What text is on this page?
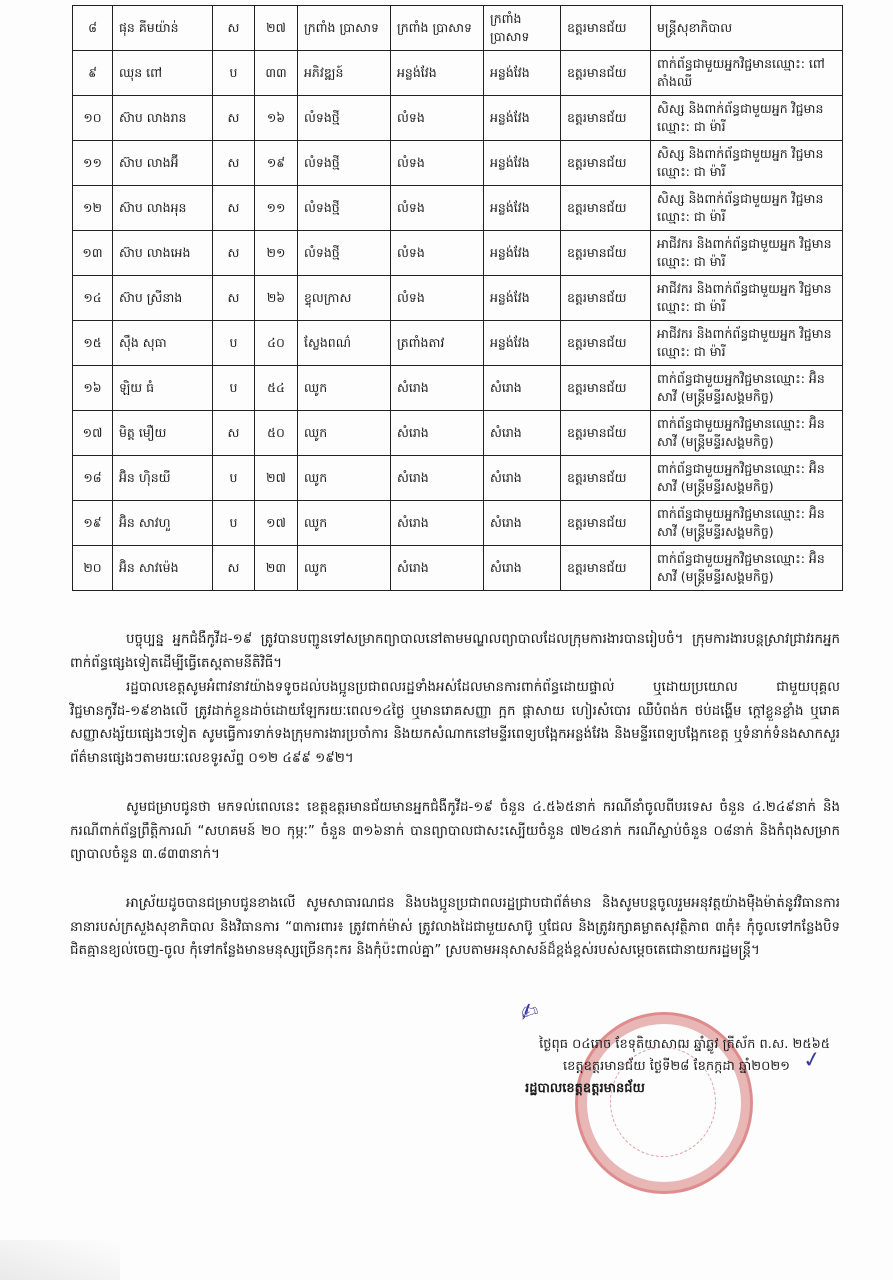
៨	ផុន គីមយ៉ាន់	ស	២៧	ក្រពាំង ប្រាសាទ	ក្រពាំង ប្រាសាទ	ក្រពាំង ប្រាសាទ	ឧត្តរមានជ័យ	មន្ត្រីសុខាភិបាល
៩	ឈុន ពៅ	ប	៣៣	អភិវឌ្ឍន៍	អន្លង់វែង	អន្លង់វែង	ឧត្តរមានជ័យ	ពាក់ព័ន្ធជាមួយអ្នកវិជ្ជមានឈ្មោះ: ពៅ តាំងឈី
១០	ស៊ាប លាងរាន	ស	១៦	លំទងថ្មី	លំទង	អន្លង់វែង	ឧត្តរមានជ័យ	សិស្ស និងពាក់ព័ន្ធជាមួយអ្នក វិជ្ជមានឈ្មោះ: ជា ម៉ារី
១១	ស៊ាប លាងអ៊ី	ស	១៩	លំទងថ្មី	លំទង	អន្លង់វែង	ឧត្តរមានជ័យ	សិស្ស និងពាក់ព័ន្ធជាមួយអ្នក វិជ្ជមានឈ្មោះ: ជា ម៉ារី
១២	ស៊ាប លាងអុន	ស	១១	លំទងថ្មី	លំទង	អន្លង់វែង	ឧត្តរមានជ័យ	សិស្ស និងពាក់ព័ន្ធជាមួយអ្នក វិជ្ជមានឈ្មោះ: ជា ម៉ារី
១៣	ស៊ាប លាងអេង	ស	២១	លំទងថ្មី	លំទង	អន្លង់វែង	ឧត្តរមានជ័យ	អាជីវករ និងពាក់ព័ន្ធជាមួយអ្នក វិជ្ជមានឈ្មោះ: ជា ម៉ារី
១៤	ស៊ាប ស្រីនាង	ស	២៦	ខ្ទុលក្រាស	លំទង	អន្លង់វែង	ឧត្តរមានជ័យ	អាជីវករ និងពាក់ព័ន្ធជាមួយអ្នក វិជ្ជមានឈ្មោះ: ជា ម៉ារី
១៥	ស៊ឹង សុធា	ប	៤០	ស្លែងពណ៌	ត្រពាំងតាវ	អន្លង់វែង	ឧត្តរមានជ័យ	អាជីវករ និងពាក់ព័ន្ធជាមួយអ្នក វិជ្ជមានឈ្មោះ: ជា ម៉ារី
១៦	ឡិយ ធំ	ប	៥៤	ឈូក	សំរោង	សំរោង	ឧត្តរមានជ័យ	ពាក់ព័ន្ធជាមួយអ្នកវិជ្ជមានឈ្មោះ: អ៊ិន សាវី (មន្ត្រីមន្ទីរសង្គមកិច្ច)
១៧	មិត្ត មឿយ	ស	៥០	ឈូក	សំរោង	សំរោង	ឧត្តរមានជ័យ	ពាក់ព័ន្ធជាមួយអ្នកវិជ្ជមានឈ្មោះ: អ៊ិន សាវី (មន្ត្រីមន្ទីរសង្គមកិច្ច)
១៨	អ៊ិន ហ៊ិនយី	ប	២៧	ឈូក	សំរោង	សំរោង	ឧត្តរមានជ័យ	ពាក់ព័ន្ធជាមួយអ្នកវិជ្ជមានឈ្មោះ: អ៊ិន សាវី (មន្ត្រីមន្ទីរសង្គមកិច្ច)
១៩	អ៊ិន សាវហួ	ប	១៧	ឈូក	សំរោង	សំរោង	ឧត្តរមានជ័យ	ពាក់ព័ន្ធជាមួយអ្នកវិជ្ជមានឈ្មោះ: អ៊ិន សាវី (មន្ត្រីមន្ទីរសង្គមកិច្ច)
២០	អ៊ិន សាវម៉េង	ស	២៣	ឈូក	សំរោង	សំរោង	ឧត្តរមានជ័យ	ពាក់ព័ន្ធជាមួយអ្នកវិជ្ជមានឈ្មោះ: អ៊ិន សាវី (មន្ត្រីមន្ទីរសង្គមកិច្ច)

បច្ចុប្បន្ន អ្នកជំងឺកូវីដ-១៩ ត្រូវបានបញ្ជូនទៅសម្រាកព្យាបាលនៅតាមមណ្ឌលព្យាបាលដែលក្រុមការងារបានរៀបចំ។ ក្រុមការងារបន្តស្រាវជ្រាវរកអ្នកពាក់ព័ន្ធផ្សេងទៀតដើម្បីធ្វើតេស្តតាមនីតិវិធី។

រដ្ឋបាលខេត្តសូមអំពាវនាវយ៉ាងទទូចដល់បងប្អូនប្រជាពលរដ្ឋទាំងអស់ដែលមានការពាក់ព័ន្ធដោយផ្ទាល់ ឬដោយប្រយោល ជាមួយបុគ្គលវិជ្ជមានកូវីដ-១៩ខាងលើ ត្រូវដាក់ខ្លួនដាច់ដោយឡែករយៈពេល១៤ថ្ងៃ ឬមានរោគសញ្ញា ក្អក ផ្តាសាយ ហៀរសំបោរ ឈឺបំពង់ក ថប់ដង្ហើម ក្តៅខ្លួនខ្លាំង ឬរោគសញ្ញាសង្ស័យផ្សេងៗទៀត សូមធ្វើការទាក់ទងក្រុមការងារប្រចាំការ និងយកសំណាកនៅមន្ទីរពេទ្យបង្អែកអន្លង់វែង និងមន្ទីរពេទ្យបង្អែកខេត្ត ឬទំនាក់ទំនងសាកសួរព័ត៌មានផ្សេងៗតាមរយៈលេខទូរស័ព្ទ ០១២ ៤៩៩ ១៩២។

សូមជម្រាបជូនថា មកទល់ពេលនេះ ខេត្តឧត្តរមានជ័យមានអ្នកជំងឺកូវីដ-១៩ ចំនួន ៤.៥៦៥នាក់ ករណីនាំចូលពីបរទេស ចំនួន ៤.២៤៩នាក់ និងករណីពាក់ព័ន្ធព្រឹត្តិការណ៍ “សហគមន៍ ២០ កុម្ភៈ” ចំនួន ៣១៦នាក់ បានព្យាបាលជាសះស្បើយចំនួន ៧២៤នាក់ ករណីស្លាប់ចំនួន ០៨នាក់ និងកំពុងសម្រាកព្យាបាលចំនួន ៣.៨៣៣នាក់។

អាស្រ័យដូចបានជម្រាបជូនខាងលើ សូមសាធារណជន និងបងប្អូនប្រជាពលរដ្ឋជ្រាបជាព័ត៌មាន និងសូមបន្តចូលរួមអនុវត្តយ៉ាងម៉ឺងម៉ាត់នូវវិធានការនានារបស់ក្រសួងសុខាភិបាល និងវិធានការ “៣ការពារ៖ ត្រូវពាក់ម៉ាស់ ត្រូវលាងដៃជាមួយសាប៊ូ ឬជែល និងត្រូវរក្សាគម្លាតសុវត្ថិភាព ៣កុំ៖ កុំចូលទៅកន្លែងបិទជិតគ្មានខ្យល់ចេញ-ចូល កុំទៅកន្លែងមានមនុស្សច្រើនកុះករ និងកុំប៉ះពាល់គ្នា” ស្របតាមអនុសាសន៍ដ៏ខ្ពង់ខ្ពស់របស់សម្តេចតេជោនាយករដ្ឋមន្ត្រី។

✍
ថ្ងៃពុធ ០៤រោច ខែទុតិយាសាឍ ឆ្នាំឆ្លូវ ត្រីស័ក ព.ស. ២៥៦៥
ខេត្តឧត្តរមានជ័យ ថ្ងៃទី២៨ ខែកក្កដា ឆ្នាំ២០២១
រដ្ឋបាលខេត្តឧត្តរមានជ័យ
✓
